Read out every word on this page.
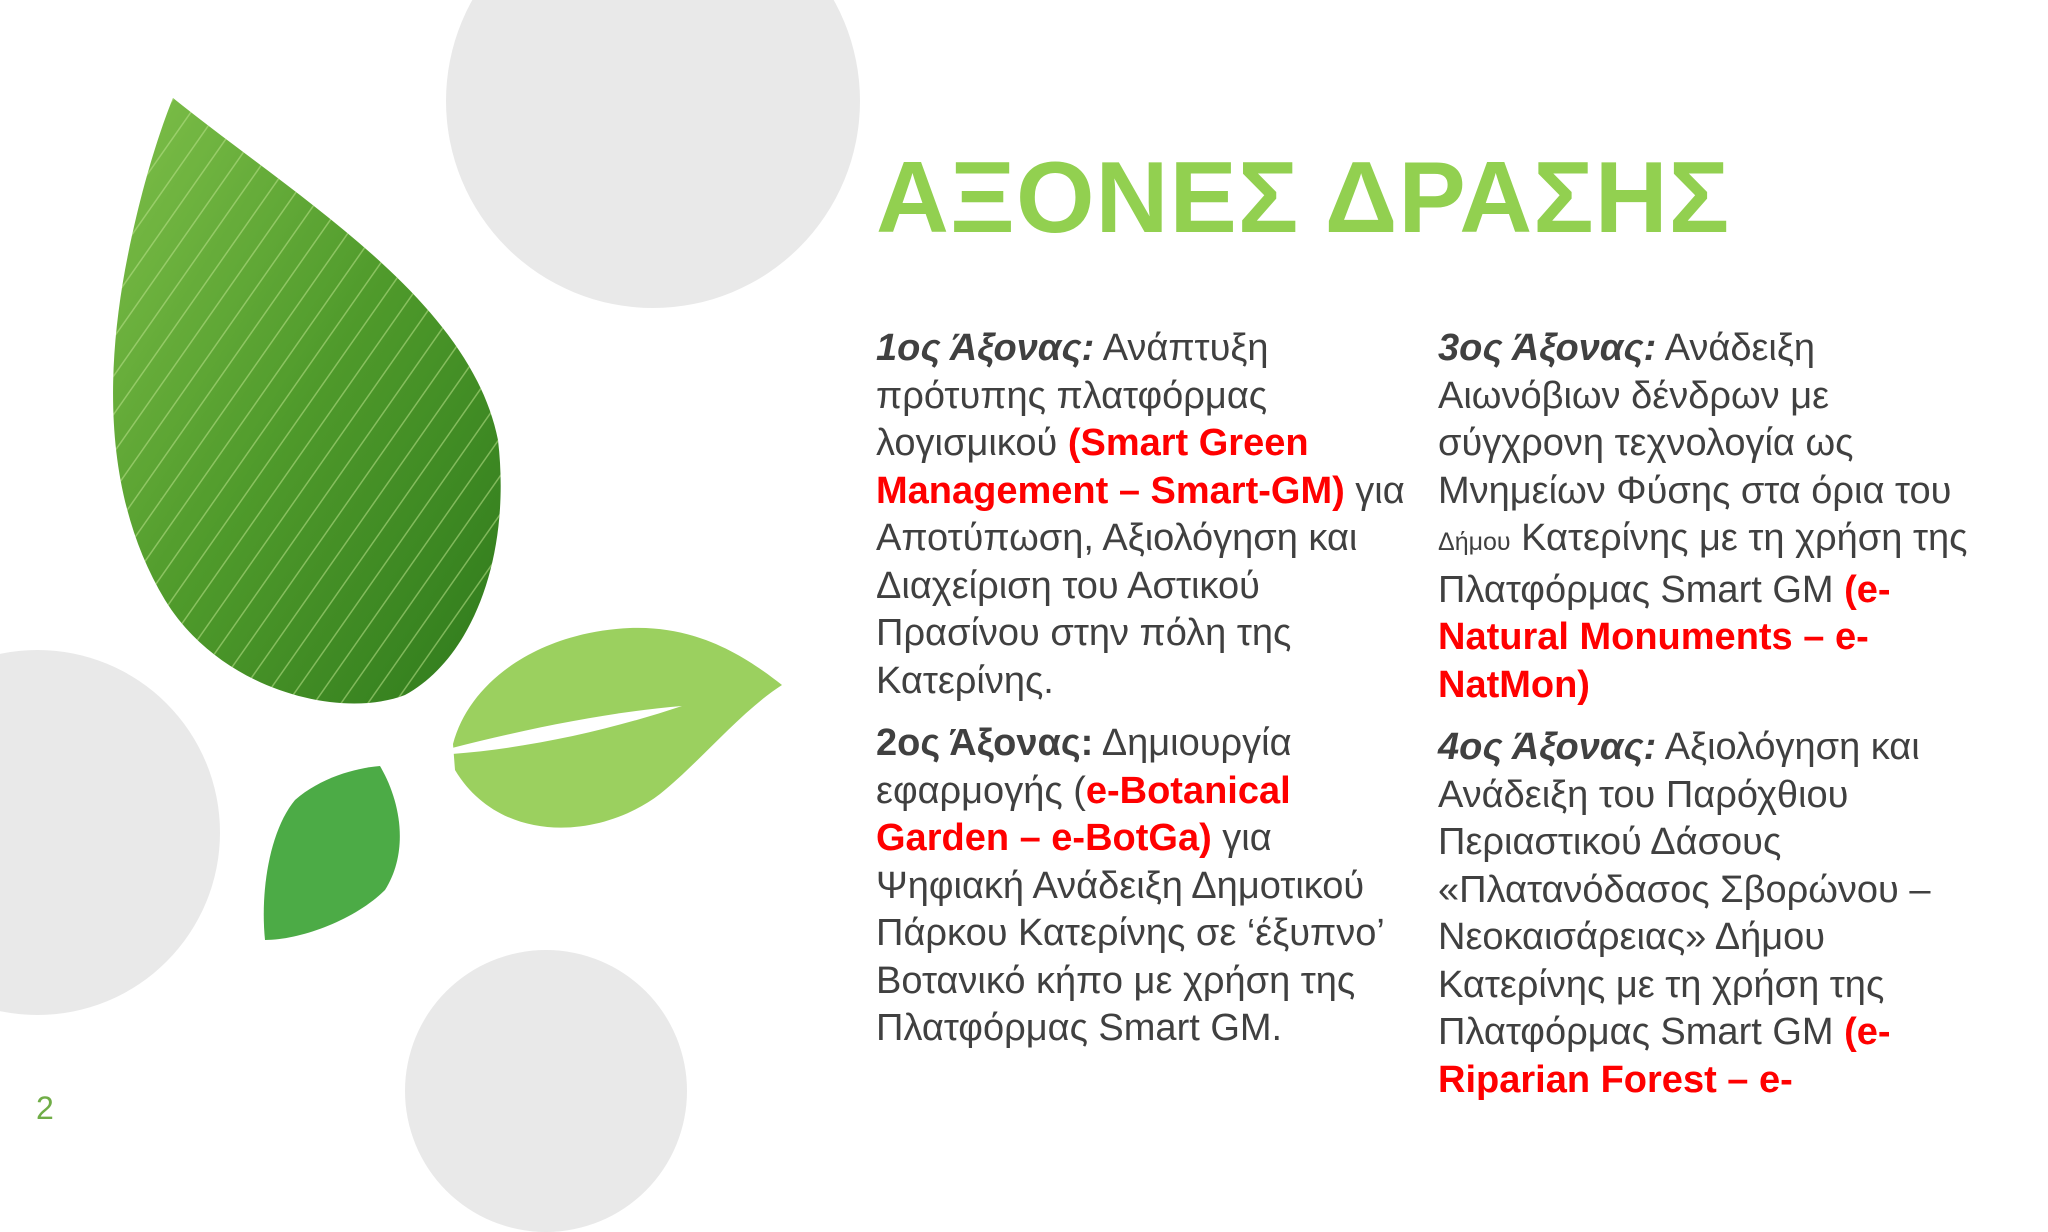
ΑΞΟΝΕΣ ΔΡΑΣΗΣ

1ος Άξονας: Ανάπτυξη πρότυπης πλατφόρμας λογισμικού (Smart Green Management – Smart-GM) για Αποτύπωση, Αξιολόγηση και Διαχείριση του Αστικού Πρασίνου στην πόλη της Κατερίνης.

2ος Άξονας: Δημιουργία εφαρμογής (e-Botanical Garden – e-BotGa) για Ψηφιακή Ανάδειξη Δημοτικού Πάρκου Κατερίνης σε ‘έξυπνο’ Βοτανικό κήπο με χρήση της Πλατφόρμας Smart GM.

3ος Άξονας: Ανάδειξη Αιωνόβιων δένδρων με σύγχρονη τεχνολογία ως Μνημείων Φύσης στα όρια του Δήμου Κατερίνης με τη χρήση της Πλατφόρμας Smart GM (e-Natural Monuments – e-NatMon)

4ος Άξονας: Αξιολόγηση και Ανάδειξη του Παρόχθιου Περιαστικού Δάσους «Πλατανόδασος Σβορώνου – Νεοκαισάρειας» Δήμου Κατερίνης με τη χρήση της Πλατφόρμας Smart GM (e-Riparian Forest – e-

2
